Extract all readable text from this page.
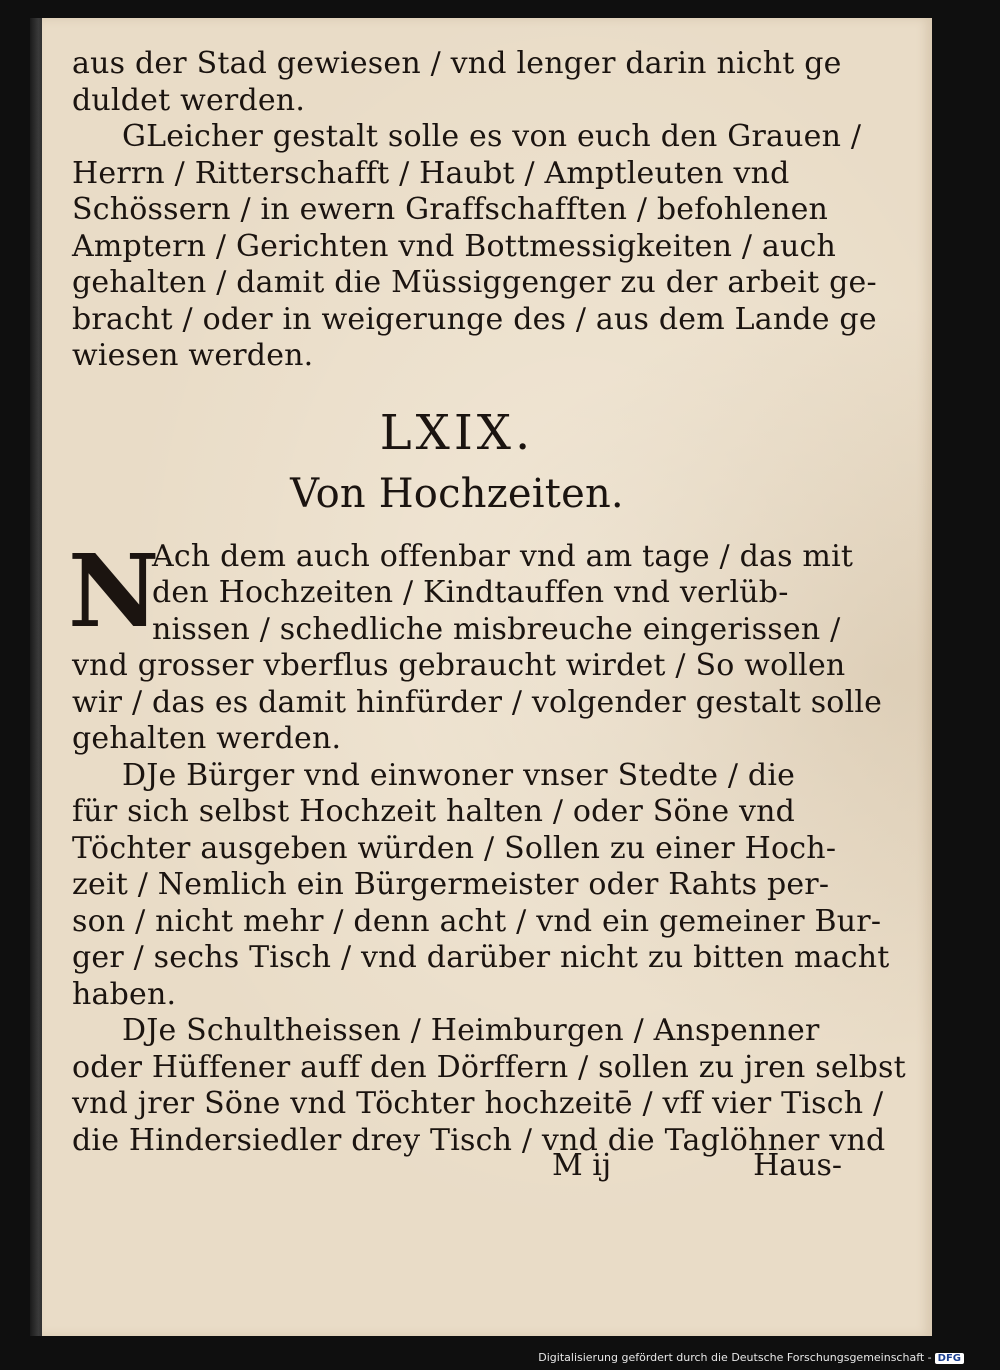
aus der Stad gewiesen / vnd lenger darin nicht ge
duldet werden.
GLeicher gestalt solle es von euch den Grauen /
Herrn / Ritterschafft / Haubt / Amptleuten vnd
Schössern / in ewern Graffschafften / befohlenen
Amptern / Gerichten vnd Bottmessigkeiten / auch
gehalten / damit die Müssiggenger zu der arbeit ge-
bracht / oder in weigerunge des / aus dem Lande ge
wiesen werden.
LXIX.
Von Hochzeiten.
N
Ach dem auch offenbar vnd am tage / das mit
den Hochzeiten / Kindtauffen vnd verlüb-
nissen / schedliche misbreuche eingerissen /
vnd grosser vberflus gebraucht wirdet / So wollen
wir / das es damit hinfürder / volgender gestalt solle
gehalten werden.
DJe Bürger vnd einwoner vnser Stedte / die
für sich selbst Hochzeit halten / oder Söne vnd
Töchter ausgeben würden / Sollen zu einer Hoch-
zeit / Nemlich ein Bürgermeister oder Rahts per-
son / nicht mehr / denn acht / vnd ein gemeiner Bur-
ger / sechs Tisch / vnd darüber nicht zu bitten macht
haben.
DJe Schultheissen / Heimburgen / Anspenner
oder Hüffener auff den Dörffern / sollen zu jren selbst
vnd jrer Söne vnd Töchter hochzeitē / vff vier Tisch /
die Hindersiedler drey Tisch / vnd die Taglöhner vnd
M ij	Haus-
Digitalisierung gefördert durch die Deutsche Forschungsgemeinschaft - DFG
